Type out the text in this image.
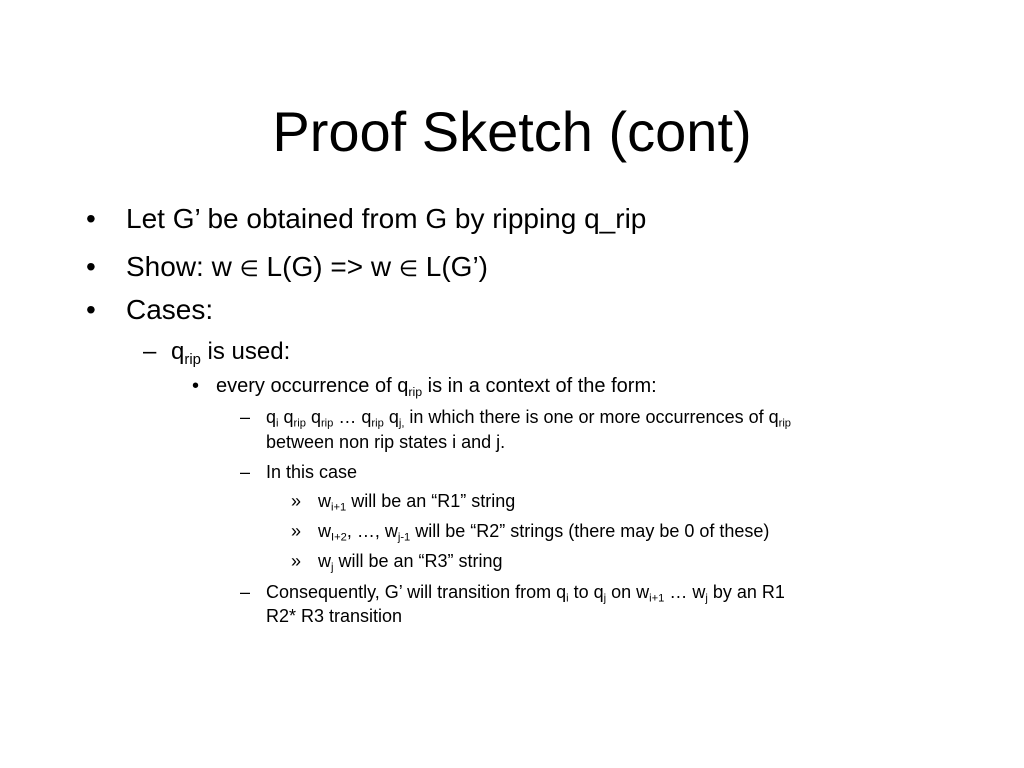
Proof Sketch (cont)
• Let G’ be obtained from G by ripping q_rip
• Show: w ∈ L(G) => w ∈ L(G’)
• Cases:
– $q_{rip}$ is used:
• every occurrence of $q_{rip}$ is in a context of the form:
– $q_i$ $q_{rip}$ $q_{rip}$ … $q_{rip}$ $q_{j,}$ in which there is one or more occurrences of $q_{rip}$
between non rip states i and j.
– In this case
» $w_{i+1}$ will be an “R1” string
» $w_{I+2}$, …, $w_{j-1}$ will be “R2” strings (there may be 0 of these)
» $w_j$ will be an “R3” string
– Consequently, G’ will transition from $q_i$ to $q_j$ on $w_{i+1}$ … $w_j$ by an R1
R2* R3 transition
